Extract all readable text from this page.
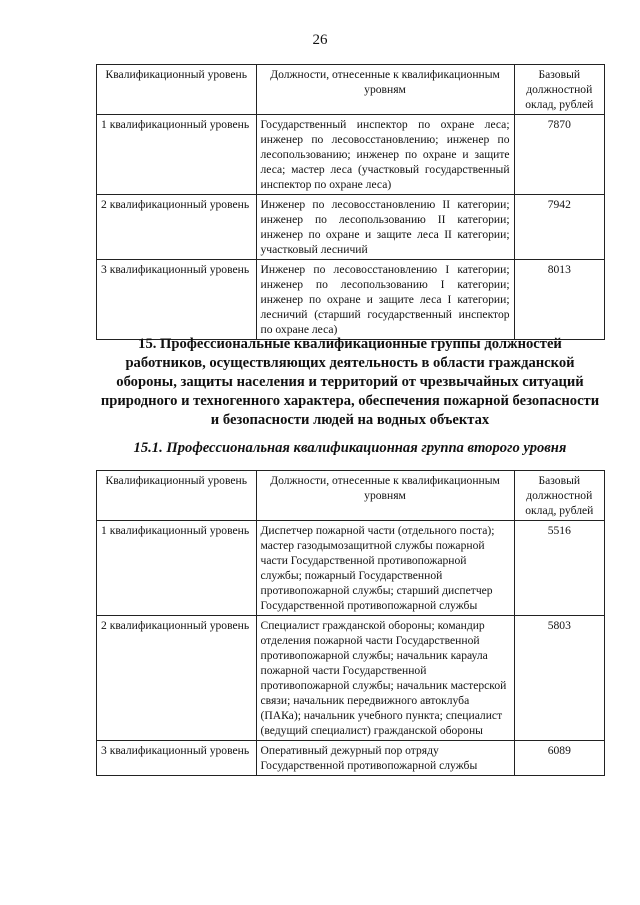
26
Квалификационный уровень	Должности, отнесенные к квалификационным уровням	Базовый должностной оклад, рублей
1 квалификационный уровень	Государственный инспектор по охране леса; инженер по лесовосстановлению; инженер по лесопользованию; инженер по охране и защите леса; мастер леса (участковый государственный инспектор по охране леса)	7870
2 квалификационный уровень	Инженер по лесовосстановлению II категории; инженер по лесопользованию II категории; инженер по охране и защите леса II категории; участковый лесничий	7942
3 квалификационный уровень	Инженер по лесовосстановлению I категории; инженер по лесопользованию I категории; инженер по охране и защите леса I категории; лесничий (старший государственный инспектор по охране леса)	8013
15. Профессиональные квалификационные группы должностей
работников, осуществляющих деятельность в области гражданской
обороны, защиты населения и территорий от чрезвычайных ситуаций
природного и техногенного характера, обеспечения пожарной безопасности
и безопасности людей на водных объектах
15.1. Профессиональная квалификационная группа второго уровня
Квалификационный уровень	Должности, отнесенные к квалификационным уровням	Базовый должностной оклад, рублей
1 квалификационный уровень	Диспетчер пожарной части (отдельного поста); мастер газодымозащитной службы пожарной части Государственной противопожарной службы; пожарный Государственной противопожарной службы; старший диспетчер Государственной противопожарной службы	5516
2 квалификационный уровень	Специалист гражданской обороны; командир отделения пожарной части Государственной противопожарной службы; начальник караула пожарной части Государственной противопожарной службы; начальник мастерской связи; начальник передвижного автоклуба (ПАКа); начальник учебного пункта; специалист (ведущий специалист) гражданской обороны	5803
3 квалификационный уровень	Оперативный дежурный пор отряду Государственной противопожарной службы	6089
